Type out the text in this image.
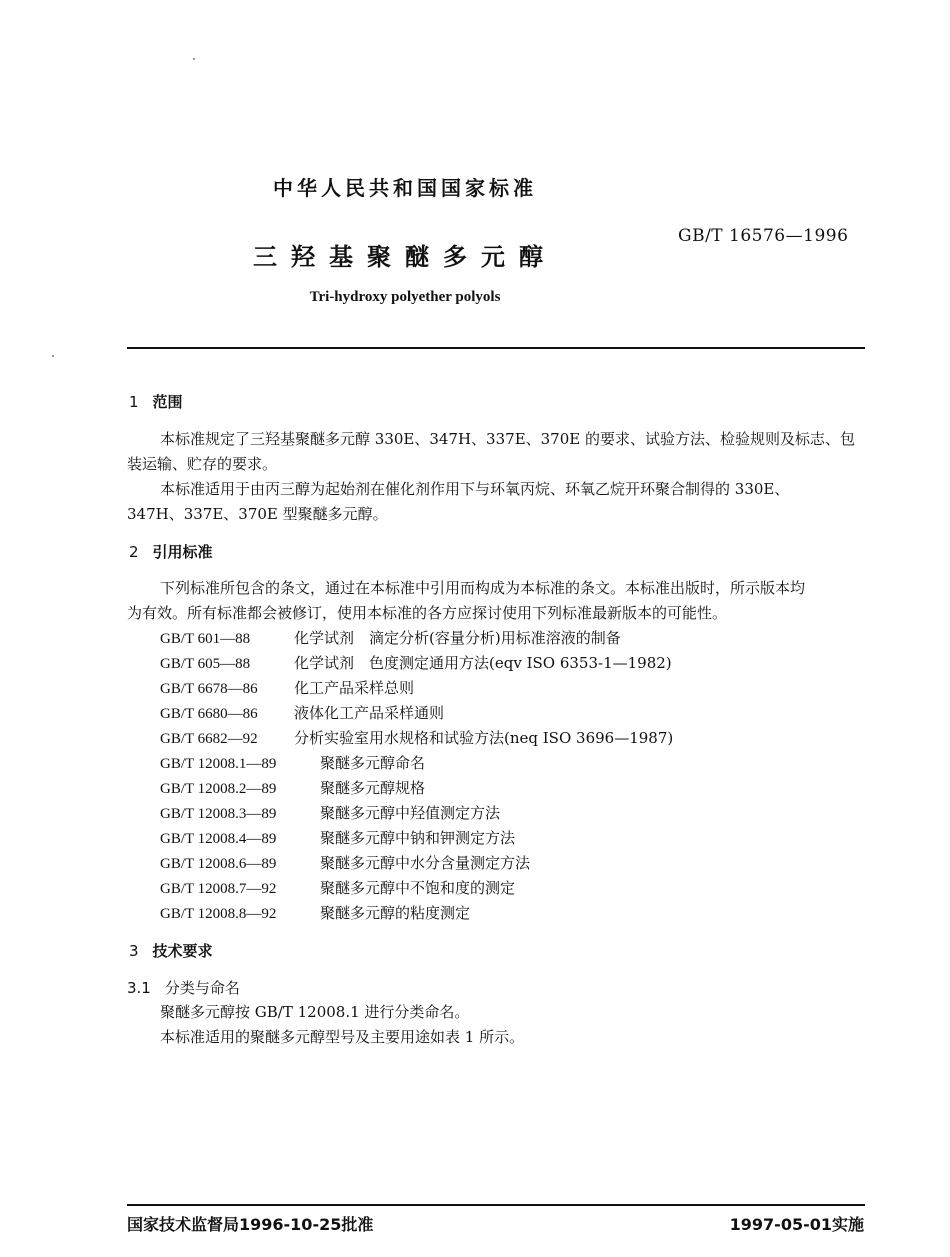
中华人民共和国国家标准
GB/T 16576—1996
三羟基聚醚多元醇
Tri-hydroxy polyether polyols
1 范围
本标准规定了三羟基聚醚多元醇 330E、347H、337E、370E 的要求、试验方法、检验规则及标志、包
装运输、贮存的要求。
本标准适用于由丙三醇为起始剂在催化剂作用下与环氧丙烷、环氧乙烷开环聚合制得的 330E、
347H、337E、370E 型聚醚多元醇。
2 引用标准
下列标准所包含的条文，通过在本标准中引用而构成为本标准的条文。本标准出版时，所示版本均
为有效。所有标准都会被修订，使用本标准的各方应探讨使用下列标准最新版本的可能性。
GB/T 601—88	化学试剂　滴定分析(容量分析)用标准溶液的制备
GB/T 605—88	化学试剂　色度测定通用方法(eqv ISO 6353-1—1982)
GB/T 6678—86 化工产品采样总则
GB/T 6680—86 液体化工产品采样通则
GB/T 6682—92 分析实验室用水规格和试验方法(neq ISO 3696—1987)
GB/T 12008.1—89	聚醚多元醇命名
GB/T 12008.2—89	聚醚多元醇规格
GB/T 12008.3—89	聚醚多元醇中羟值测定方法
GB/T 12008.4—89	聚醚多元醇中钠和钾测定方法
GB/T 12008.6—89	聚醚多元醇中水分含量测定方法
GB/T 12008.7—92	聚醚多元醇中不饱和度的测定
GB/T 12008.8—92	聚醚多元醇的粘度测定
3 技术要求
3.1 分类与命名
聚醚多元醇按 GB/T 12008.1 进行分类命名。
本标准适用的聚醚多元醇型号及主要用途如表 1 所示。
国家技术监督局1996-10-25批准	1997-05-01实施
